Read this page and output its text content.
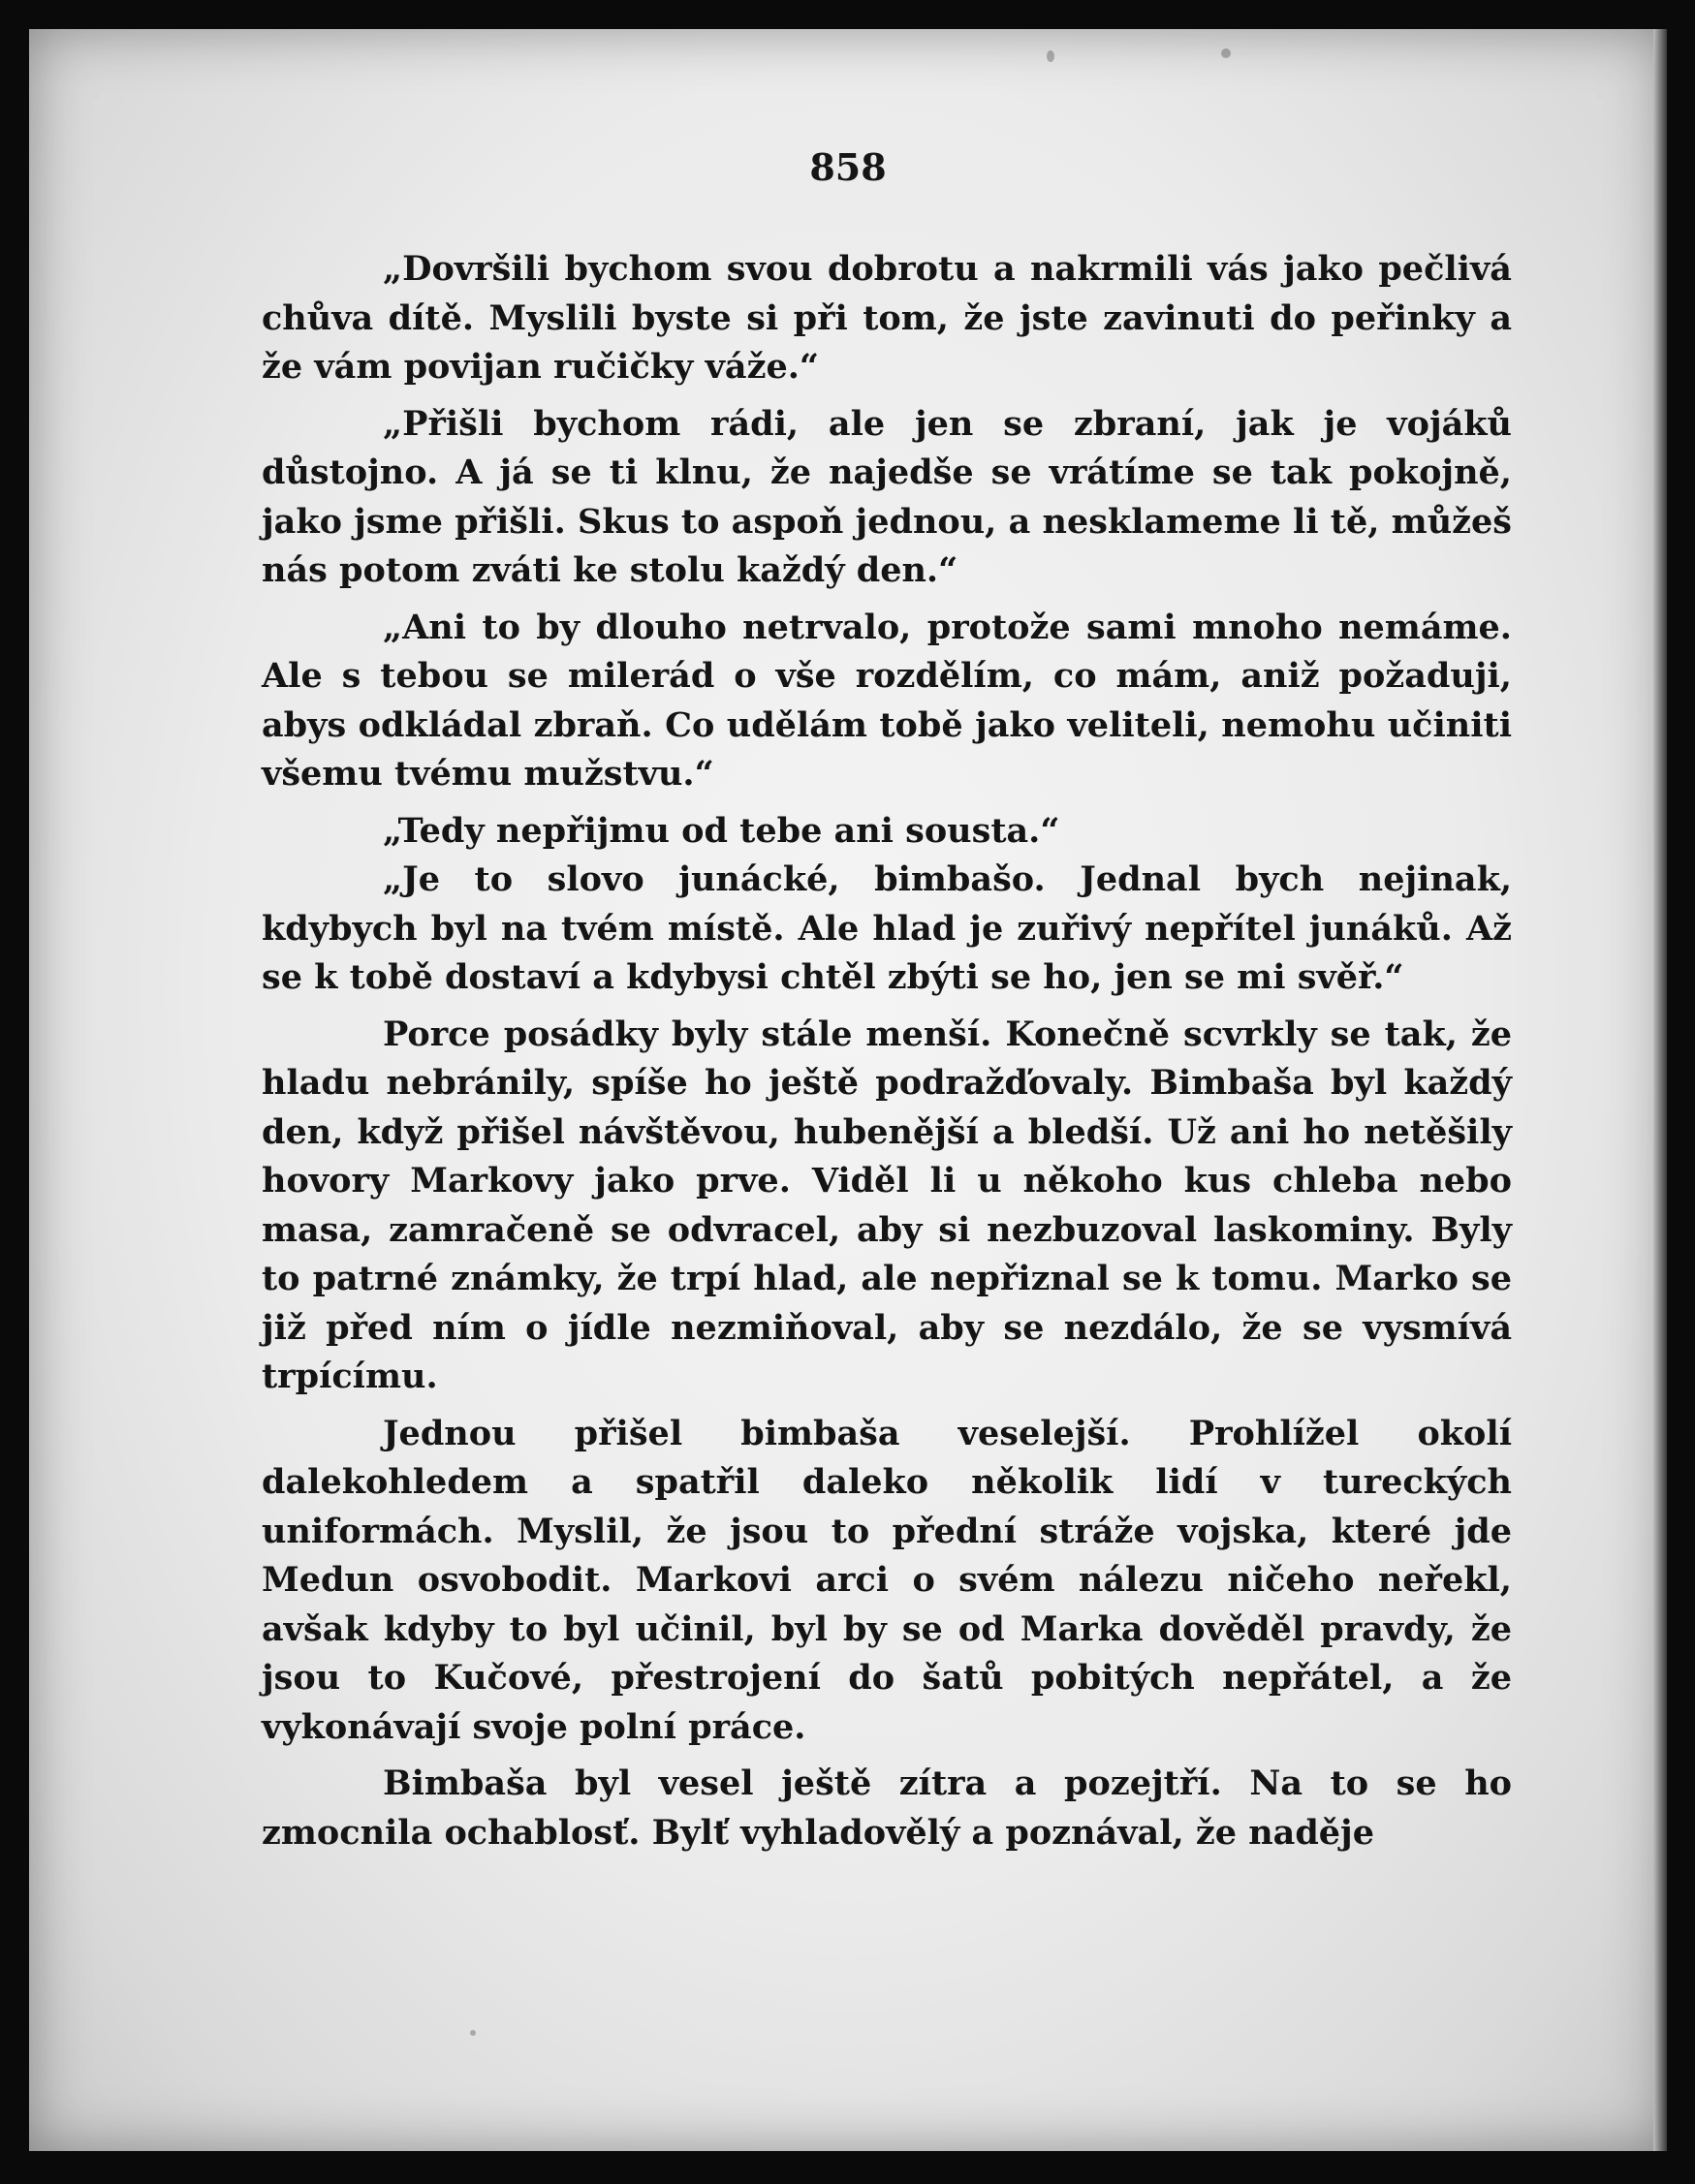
858

„Dovršili bychom svou dobrotu a nakrmili vás jako pečlivá chůva dítě. Myslili byste si při tom, že jste zavinuti do peřinky a že vám povijan ručičky váže.“

„Přišli bychom rádi, ale jen se zbraní, jak je vojáků důstojno. A já se ti klnu, že najedše se vrátíme se tak pokojně, jako jsme přišli. Skus to aspoň jednou, a nesklameme li tě, můžeš nás potom zváti ke stolu každý den.“

„Ani to by dlouho netrvalo, protože sami mnoho nemáme. Ale s tebou se milerád o vše rozdělím, co mám, aniž požaduji, abys odkládal zbraň. Co udělám tobě jako veliteli, nemohu učiniti všemu tvému mužstvu.“

„Tedy nepřijmu od tebe ani sousta.“

„Je to slovo junácké, bimbašo. Jednal bych nejinak, kdybych byl na tvém místě. Ale hlad je zuřivý nepřítel junáků. Až se k tobě dostaví a kdybysi chtěl zbýti se ho, jen se mi svěř.“

Porce posádky byly stále menší. Konečně scvrkly se tak, že hladu nebránily, spíše ho ještě podražďovaly. Bimbaša byl každý den, když přišel návštěvou, hubenější a bledší. Už ani ho netěšily hovory Markovy jako prve. Viděl li u někoho kus chleba nebo masa, zamračeně se odvracel, aby si nezbuzoval laskominy. Byly to patrné známky, že trpí hlad, ale nepřiznal se k tomu. Marko se již před ním o jídle nezmiňoval, aby se nezdálo, že se vysmívá trpícímu.

Jednou přišel bimbaša veselejší. Prohlížel okolí dalekohledem a spatřil daleko několik lidí v tureckých uniformách. Myslil, že jsou to přední stráže vojska, které jde Medun osvobodit. Markovi arci o svém nálezu ničeho neřekl, avšak kdyby to byl učinil, byl by se od Marka dověděl pravdy, že jsou to Kučové, přestrojení do šatů pobitých nepřátel, a že vykonávají svoje polní práce.

Bimbaša byl vesel ještě zítra a pozejtří. Na to se ho zmocnila ochablosť. Bylť vyhladovělý a poznával, že naděje
